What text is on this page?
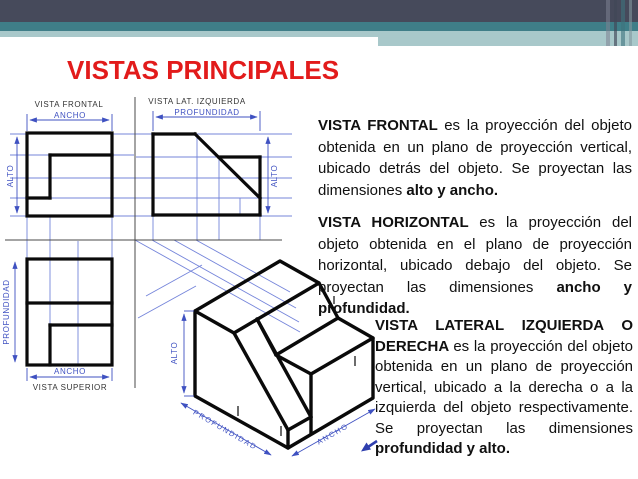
VISTAS PRINCIPALES
VISTA FRONTAL	VISTA LAT. IZQUIERDA
VISTA SUPERIOR
ANCHO
ALTO
PROFUNDIDAD
ALTO
PROFUNDIDAD
ANCHO
ALTO
PROFUNDIDAD	ANCHO

VISTA FRONTAL es la proyección del objeto obtenida en un plano de proyección vertical, ubicado detrás del objeto. Se proyectan las dimensiones alto y ancho.

VISTA HORIZONTAL es la proyección del objeto obtenida en el plano de proyección horizontal, ubicado debajo del objeto. Se proyectan las dimensiones ancho y profundidad.

VISTA LATERAL IZQUIERDA O DERECHA es la proyección del objeto obtenida en un plano de proyección vertical, ubicado a la derecha o a la izquierda del objeto respectivamente. Se proyectan las dimensiones profundidad y alto.
